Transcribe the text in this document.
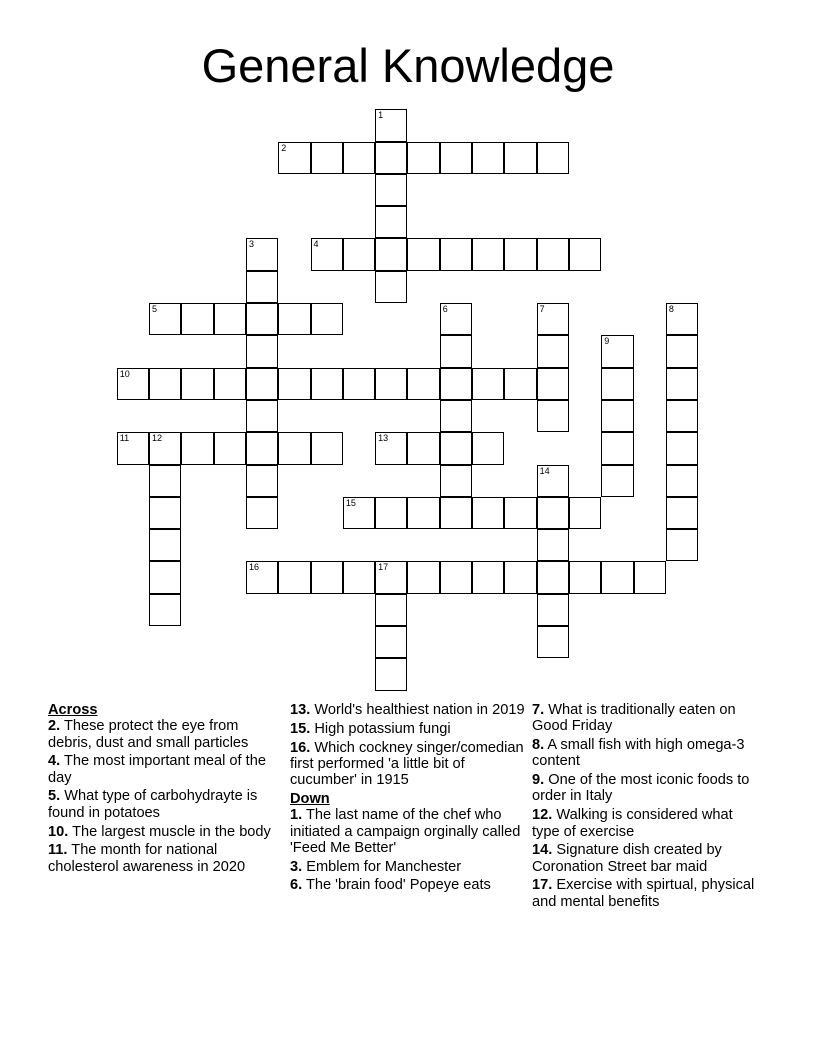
General Knowledge
1
2
3	4
5	6	7	8
9
10
11	12	13
14
15
16	17
Across
2. These protect the eye from debris, dust and small particles
4. The most important meal of the day
5. What type of carbohydrayte is found in potatoes
10. The largest muscle in the body
11. The month for national cholesterol awareness in 2020
13. World's healthiest nation in 2019
15. High potassium fungi
16. Which cockney singer/comedian first performed 'a little bit of cucumber' in 1915
Down
1. The last name of the chef who initiated a campaign orginally called 'Feed Me Better'
3. Emblem for Manchester
6. The 'brain food' Popeye eats
7. What is traditionally eaten on Good Friday
8. A small fish with high omega-3 content
9. One of the most iconic foods to order in Italy
12. Walking is considered what type of exercise
14. Signature dish created by Coronation Street bar maid
17. Exercise with spirtual, physical and mental benefits
